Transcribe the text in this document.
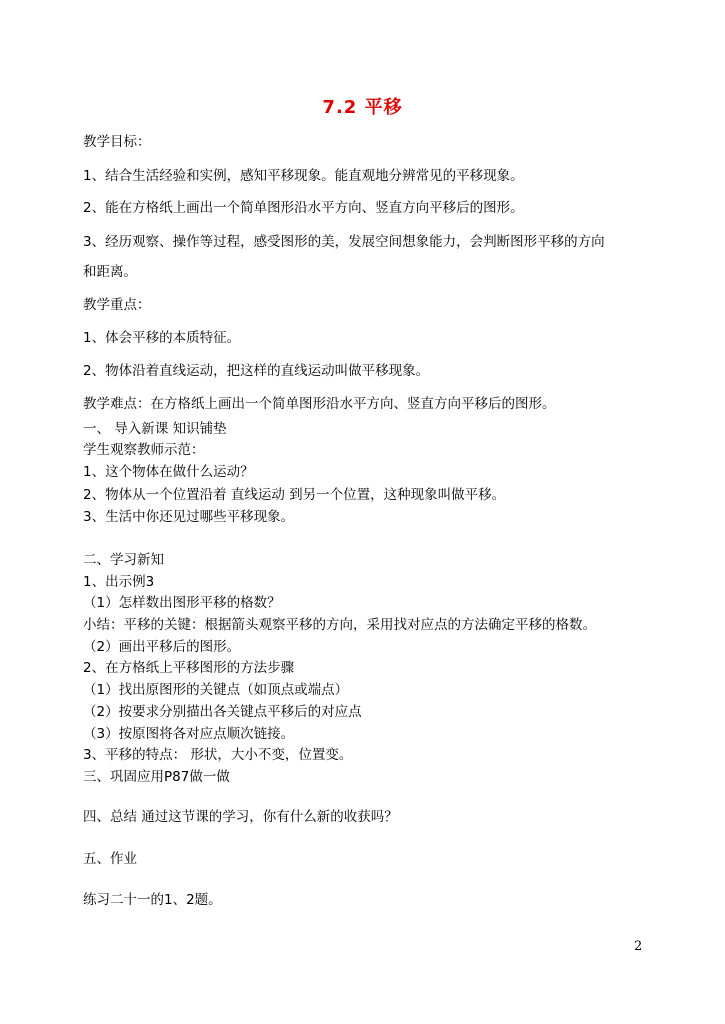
7.2 平移
教学目标：
1、结合生活经验和实例，感知平移现象。能直观地分辨常见的平移现象。
2、能在方格纸上画出一个简单图形沿水平方向、竖直方向平移后的图形。
3、经历观察、操作等过程，感受图形的美，发展空间想象能力，会判断图形平移的方向
和距离。
教学重点：
1、体会平移的本质特征。
2、物体沿着直线运动，把这样的直线运动叫做平移现象。
教学难点：在方格纸上画出一个简单图形沿水平方向、竖直方向平移后的图形。
一、 导入新课 知识铺垫
学生观察教师示范：
1、这个物体在做什么运动？
2、物体从一个位置沿着 直线运动 到另一个位置，这种现象叫做平移。
3、生活中你还见过哪些平移现象。
二、学习新知
1、出示例3
（1）怎样数出图形平移的格数？
小结：平移的关键：根据箭头观察平移的方向，采用找对应点的方法确定平移的格数。
（2）画出平移后的图形。
2、在方格纸上平移图形的方法步骤
（1）找出原图形的关键点（如顶点或端点）
（2）按要求分别描出各关键点平移后的对应点
（3）按原图将各对应点顺次链接。
3、平移的特点： 形状，大小不变，位置变。
三、巩固应用P87做一做
四、总结 通过这节课的学习，你有什么新的收获吗？
五、作业
练习二十一的1、2题。
2
